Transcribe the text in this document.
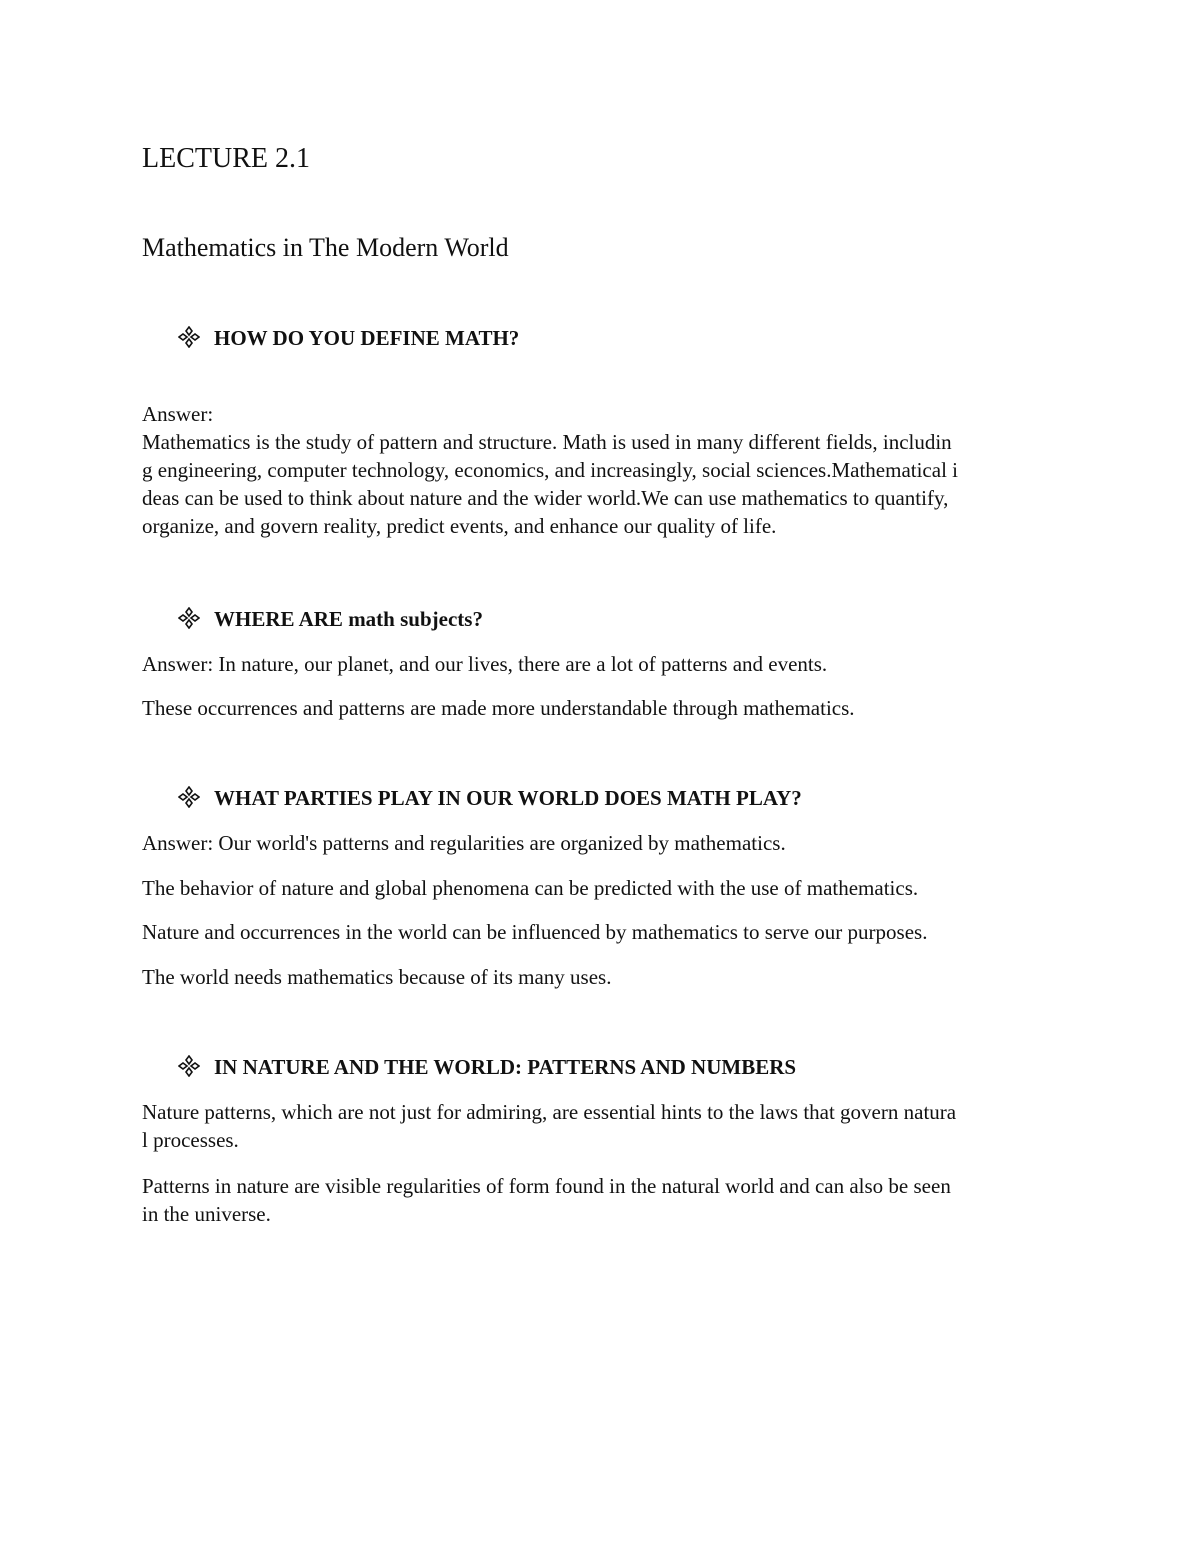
LECTURE 2.1
Mathematics in The Modern World
HOW DO YOU DEFINE MATH?
Answer:
Mathematics is the study of pattern and structure. Math is used in many different fields, includin
g engineering, computer technology, economics, and increasingly, social sciences.Mathematical i
deas can be used to think about nature and the wider world.We can use mathematics to quantify,
organize, and govern reality, predict events, and enhance our quality of life.
WHERE ARE math subjects?
Answer: In nature, our planet, and our lives, there are a lot of patterns and events.
These occurrences and patterns are made more understandable through mathematics.
WHAT PARTIES PLAY IN OUR WORLD DOES MATH PLAY?
Answer: Our world's patterns and regularities are organized by mathematics.
The behavior of nature and global phenomena can be predicted with the use of mathematics.
Nature and occurrences in the world can be influenced by mathematics to serve our purposes.
The world needs mathematics because of its many uses.
IN NATURE AND THE WORLD: PATTERNS AND NUMBERS
Nature patterns, which are not just for admiring, are essential hints to the laws that govern natura
l processes.
Patterns in nature are visible regularities of form found in the natural world and can also be seen
in the universe.
